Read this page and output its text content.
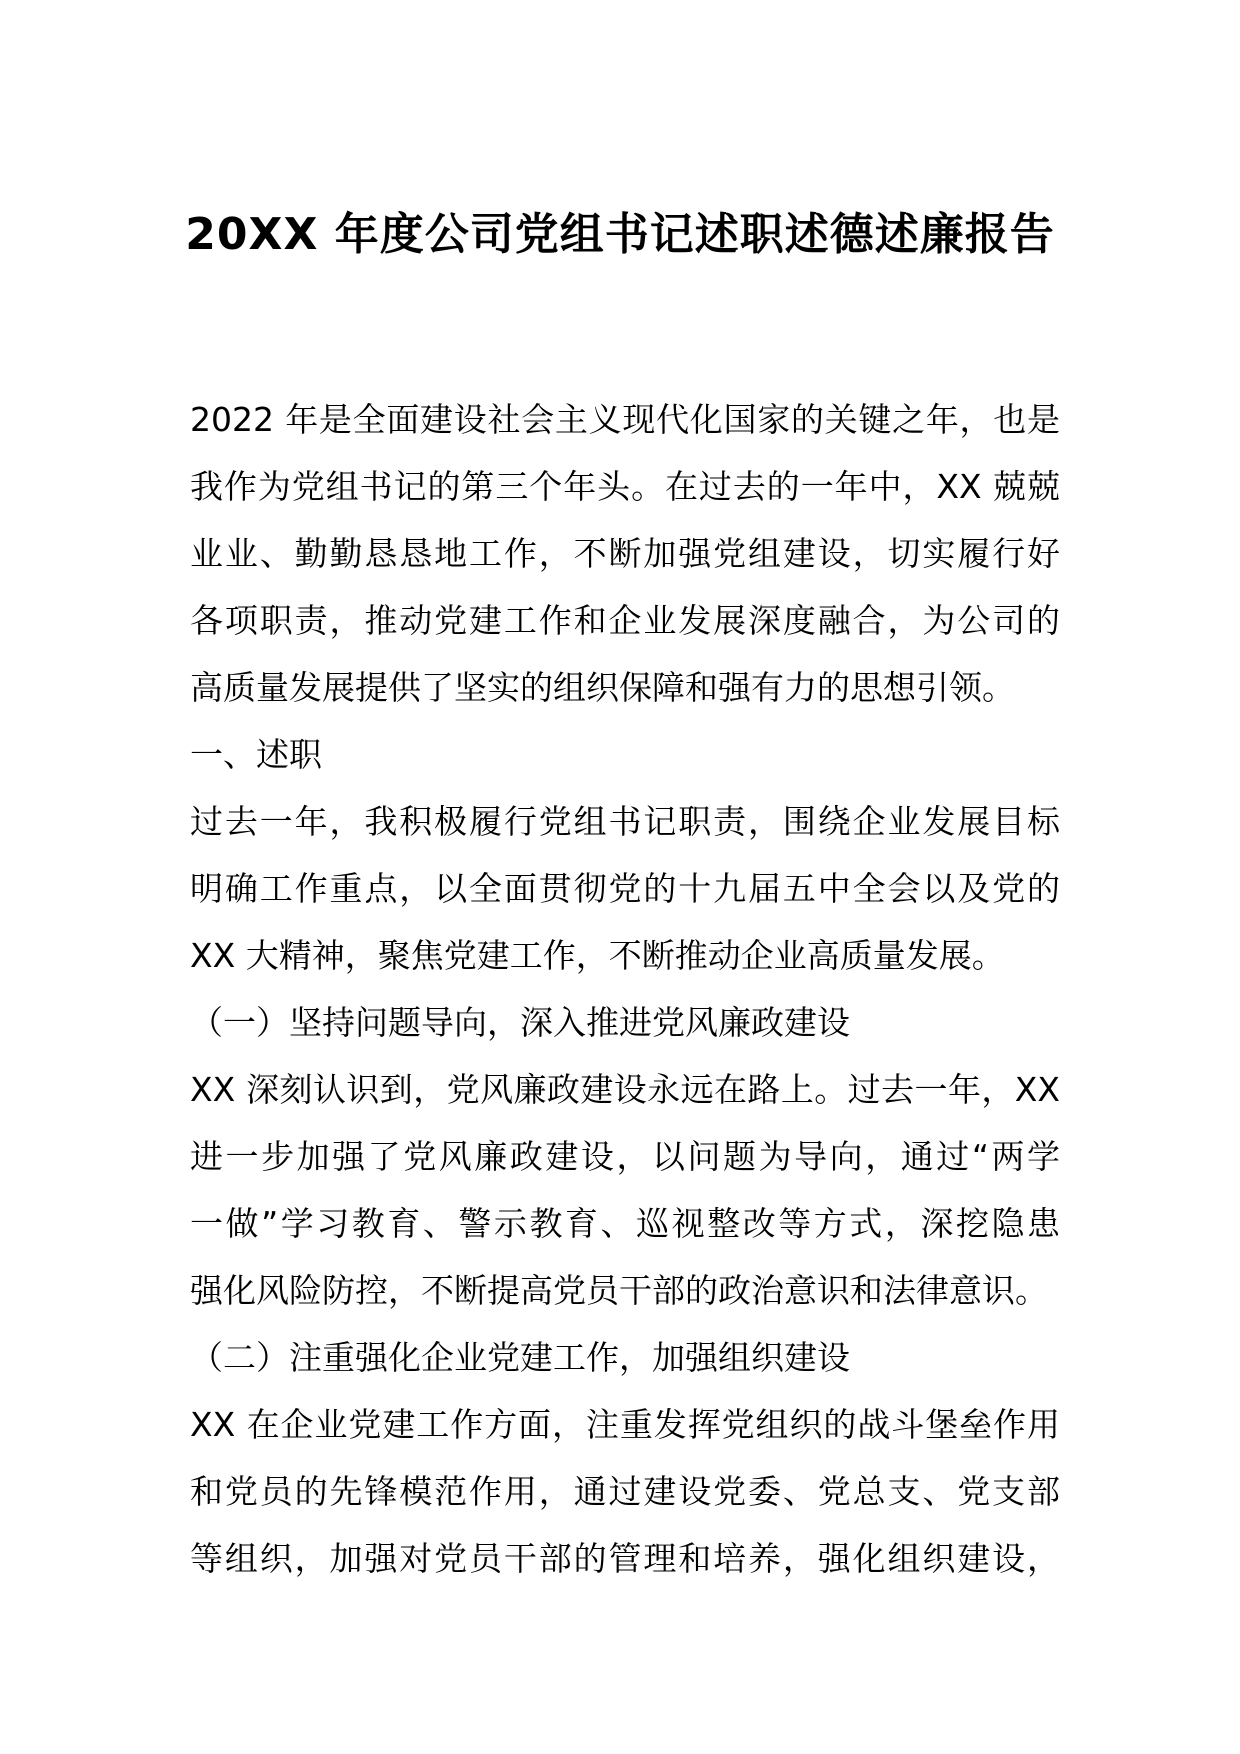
20XX 年度公司党组书记述职述德述廉报告
2022 年是全面建设社会主义现代化国家的关键之年，也是
我作为党组书记的第三个年头。在过去的一年中，XX 兢兢
业业、勤勤恳恳地工作，不断加强党组建设，切实履行好
各项职责，推动党建工作和企业发展深度融合，为公司的
高质量发展提供了坚实的组织保障和强有力的思想引领。
一、述职
过去一年，我积极履行党组书记职责，围绕企业发展目标
明确工作重点，以全面贯彻党的十九届五中全会以及党的
XX 大精神，聚焦党建工作，不断推动企业高质量发展。
（一）坚持问题导向，深入推进党风廉政建设
XX 深刻认识到，党风廉政建设永远在路上。过去一年，XX
进一步加强了党风廉政建设，以问题为导向，通过“两学
一做”学习教育、警示教育、巡视整改等方式，深挖隐患
强化风险防控，不断提高党员干部的政治意识和法律意识。
（二）注重强化企业党建工作，加强组织建设
XX 在企业党建工作方面，注重发挥党组织的战斗堡垒作用
和党员的先锋模范作用，通过建设党委、党总支、党支部
等组织，加强对党员干部的管理和培养，强化组织建设，
